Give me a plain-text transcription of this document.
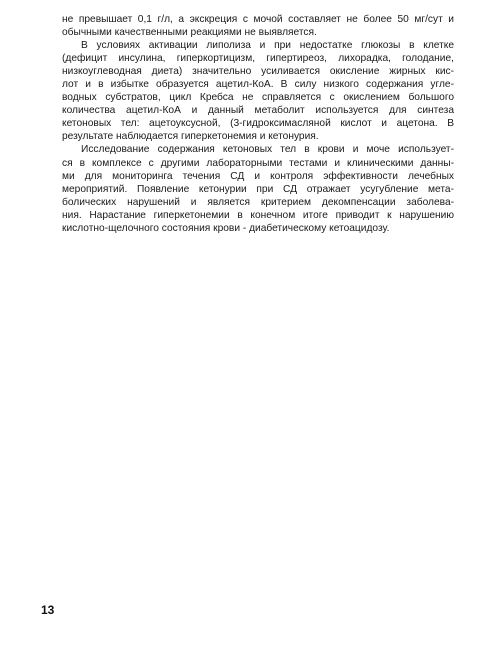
не превышает 0,1 г/л, а экскреция с мочой составляет не более 50 мг/сут и
обычными качественными реакциями не выявляется.

В условиях активации липолиза и при недостатке глюкозы в клетке
(дефицит инсулина, гиперкортицизм, гипертиреоз, лихорадка, голодание,
низкоуглеводная диета) значительно усиливается окисление жирных кис-
лот и в избытке образуется ацетил-КоА. В силу низкого содержания угле-
водных субстратов, цикл Кребса не справляется с окислением большого
количества ацетил-КоА и данный метаболит используется для синтеза
кетоновых тел: ацетоуксусной, (3-гидроксимасляной кислот и ацетона. В
результате наблюдается гиперкетонемия и кетонурия.

Исследование содержания кетоновых тел в крови и моче использует-
ся в комплексе с другими лабораторными тестами и клиническими данны-
ми для мониторинга течения СД и контроля эффективности лечебных
мероприятий. Появление кетонурии при СД отражает усугубление мета-
болических нарушений и является критерием декомпенсации заболева-
ния. Нарастание гиперкетонемии в конечном итоге приводит к нарушению
кислотно-щелочного состояния крови - диабетическому кетоацидозу.

13
